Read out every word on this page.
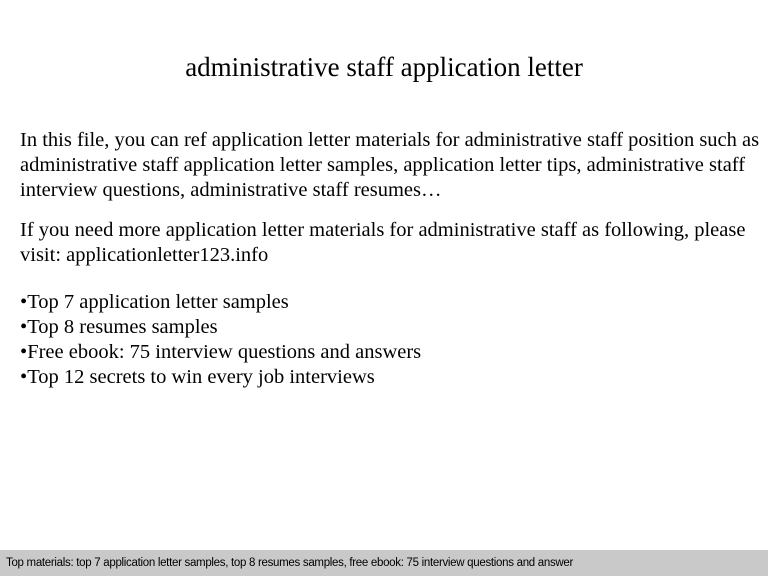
administrative staff application letter
In this file, you can ref application letter materials for administrative staff position such as administrative staff application letter samples, application letter tips, administrative staff interview questions, administrative staff resumes…
If you need more application letter materials for administrative staff as following, please visit: applicationletter123.info
• Top 7 application letter samples
• Top 8 resumes samples
• Free ebook: 75 interview questions and answers
• Top 12 secrets to win every job interviews
Top materials: top 7 application letter samples, top 8 resumes samples, free ebook: 75 interview questions and answer
